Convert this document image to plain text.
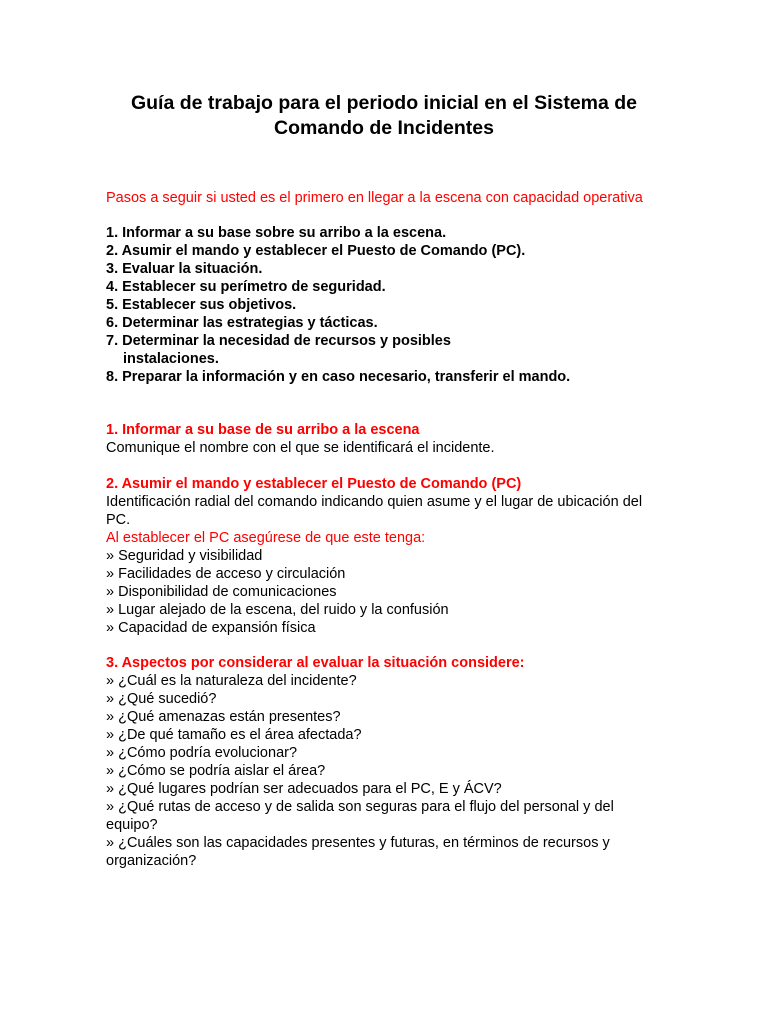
Guía de trabajo para el periodo inicial en el Sistema de
Comando de Incidentes

Pasos a seguir si usted es el primero en llegar a la escena con capacidad operativa

1. Informar a su base sobre su arribo a la escena.
2. Asumir el mando y establecer el Puesto de Comando (PC).
3. Evaluar la situación.
4. Establecer su perímetro de seguridad.
5. Establecer sus objetivos.
6. Determinar las estrategias y tácticas.
7. Determinar la necesidad de recursos y posibles
instalaciones.
8. Preparar la información y en caso necesario, transferir el mando.

1. Informar a su base de su arribo a la escena

Comunique el nombre con el que se identificará el incidente.

2. Asumir el mando y establecer el Puesto de Comando (PC)

Identificación radial del comando indicando quien asume y el lugar de ubicación del PC.

Al establecer el PC asegúrese de que este tenga:

» Seguridad y visibilidad
» Facilidades de acceso y circulación
» Disponibilidad de comunicaciones
» Lugar alejado de la escena, del ruido y la confusión
» Capacidad de expansión física

3. Aspectos por considerar al evaluar la situación considere:

» ¿Cuál es la naturaleza del incidente?
» ¿Qué sucedió?
» ¿Qué amenazas están presentes?
» ¿De qué tamaño es el área afectada?
» ¿Cómo podría evolucionar?
» ¿Cómo se podría aislar el área?
» ¿Qué lugares podrían ser adecuados para el PC, E y ÁCV?
» ¿Qué rutas de acceso y de salida son seguras para el flujo del personal y del equipo?
» ¿Cuáles son las capacidades presentes y futuras, en términos de recursos y organización?
